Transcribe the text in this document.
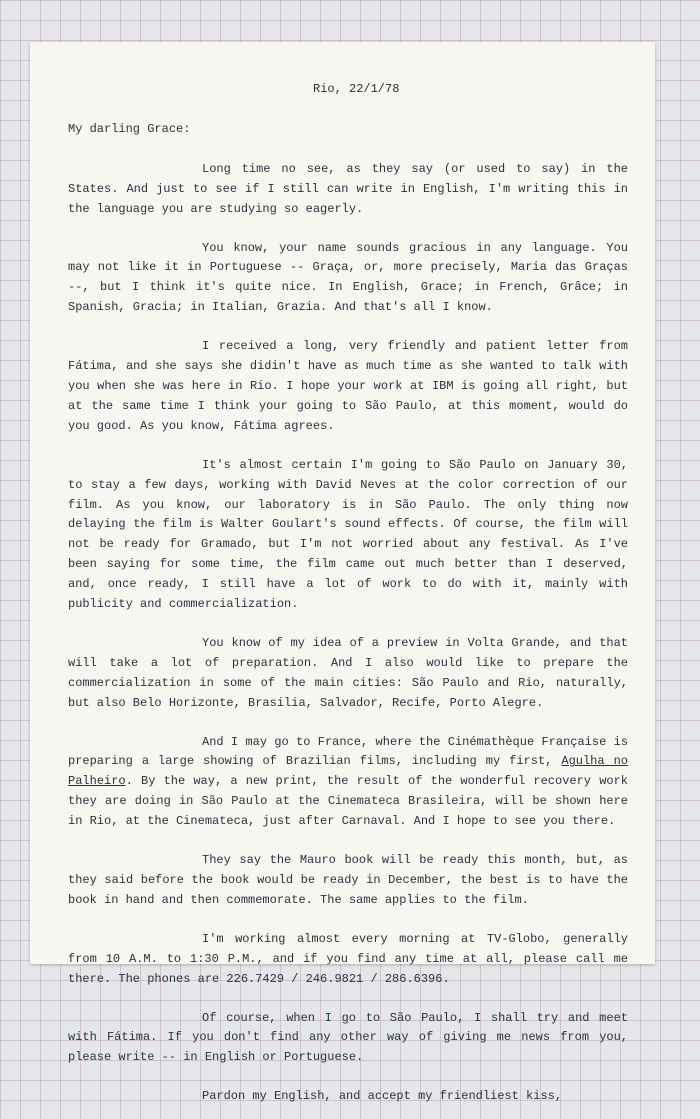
Rio, 22/1/78
My darling Grace:

Long time no see, as they say (or used to say) in the States. And just to see if I still can write in English, I'm writing this in the language you are studying so eagerly.

You know, your name sounds gracious in any language. You may not like it in Portuguese -- Graça, or, more precisely, Maria das Graças --, but I think it's quite nice. In English, Grace; in French, Grâce; in Spanish, Gracia; in Italian, Grazia. And that's all I know.

I received a long, very friendly and patient letter from Fátima, and she says she didin't have as much time as she wanted to talk with you when she was here in Rio. I hope your work at IBM is going all right, but at the same time I think your going to São Paulo, at this moment, would do you good. As you know, Fátima agrees.

It's almost certain I'm going to São Paulo on January 30, to stay a few days, working with David Neves at the color correction of our film. As you know, our laboratory is in São Paulo. The only thing now delaying the film is Walter Goulart's sound effects. Of course, the film will not be ready for Gramado, but I'm not worried about any festival. As I've been saying for some time, the film came out much better than I deserved, and, once ready, I still have a lot of work to do with it, mainly with publicity and commercialization.

You know of my idea of a preview in Volta Grande, and that will take a lot of preparation. And I also would like to prepare the commercialization in some of the main cities: São Paulo and Rio, naturally, but also Belo Horizonte, Brasilia, Salvador, Recife, Porto Alegre.

And I may go to France, where the Cinémathèque Française is preparing a large showing of Brazilian films, including my first, Agulha no Palheiro. By the way, a new print, the result of the wonderful recovery work they are doing in São Paulo at the Cinemateca Brasileira, will be shown here in Rio, at the Cinemateca, just after Carnaval. And I hope to see you there.

They say the Mauro book will be ready this month, but, as they said before the book would be ready in December, the best is to have the book in hand and then commemorate. The same applies to the film.

I'm working almost every morning at TV-Globo, generally from 10 A.M. to 1:30 P.M., and if you find any time at all, please call me there. The phones are 226.7429 / 246.9821 / 286.6396.

Of course, when I go to São Paulo, I shall try and meet with Fátima. If you don't find any other way of giving me news from you, please write -- in English or Portuguese.

Pardon my English, and accept my friendliest kiss,
